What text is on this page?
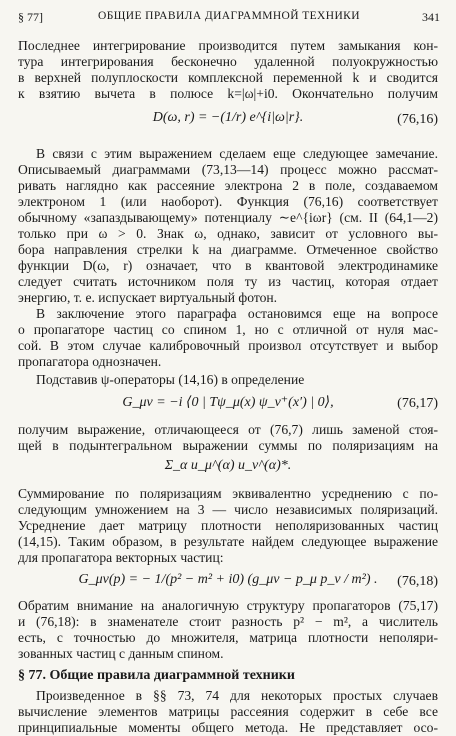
§ 77]	ОБЩИЕ ПРАВИЛА ДИАГРАММНОЙ ТЕХНИКИ	341
Последнее интегрирование производится путем замыкания кон-
тура интегрирования бесконечно удаленной полуокружностью
в верхней полуплоскости комплексной переменной k и сводится
к взятию вычета в полюсе k=|ω|+i0. Окончательно получим
D(ω, r) = −(1/r) e^{i|ω|r}.	(76,16)
В связи с этим выражением сделаем еще следующее замечание.
Описываемый диаграммами (73,13—14) процесс можно рассмат-
ривать наглядно как рассеяние электрона 2 в поле, создаваемом
электроном 1 (или наоборот). Функция (76,16) соответствует
обычному «запаздывающему» потенциалу ∼e^{iωr} (см. II (64,1—2)
только при ω > 0. Знак ω, однако, зависит от условного вы-
бора направления стрелки k на диаграмме. Отмеченное свойство
функции D(ω, r) означает, что в квантовой электродинамике
следует считать источником поля ту из частиц, которая отдает
энергию, т. е. испускает виртуальный фотон.
В заключение этого параграфа остановимся еще на вопросе
о пропагаторе частиц со спином 1, но с отличной от нуля мас-
сой. В этом случае калибровочный произвол отсутствует и выбор
пропагатора однозначен.
Подставив ψ-операторы (14,16) в определение
G_μν = −i ⟨0 | Tψ_μ(x) ψ_ν⁺(x′) | 0⟩,	(76,17)
получим выражение, отличающееся от (76,7) лишь заменой стоя-
щей в подынтегральном выражении суммы по поляризациям на
Σ_α u_μ^(α) u_ν^(α)*.
Суммирование по поляризациям эквивалентно усреднению с по-
следующим умножением на 3 — число независимых поляризаций.
Усреднение дает матрицу плотности неполяризованных частиц
(14,15). Таким образом, в результате найдем следующее выражение
для пропагатора векторных частиц:
G_μν(p) = − 1/(p² − m² + i0) (g_μν − p_μ p_ν / m²) .	(76,18)
Обратим внимание на аналогичную структуру пропагаторов (75,17)
и (76,18): в знаменателе стоит разность p² − m², а числитель
есть, с точностью до множителя, матрица плотности неполяри-
зованных частиц с данным спином.
§ 77. Общие правила диаграммной техники
Произведенное в §§ 73, 74 для некоторых простых случаев
вычисление элементов матрицы рассеяния содержит в себе все
принципиальные моменты общего метода. Не представляет осо-
